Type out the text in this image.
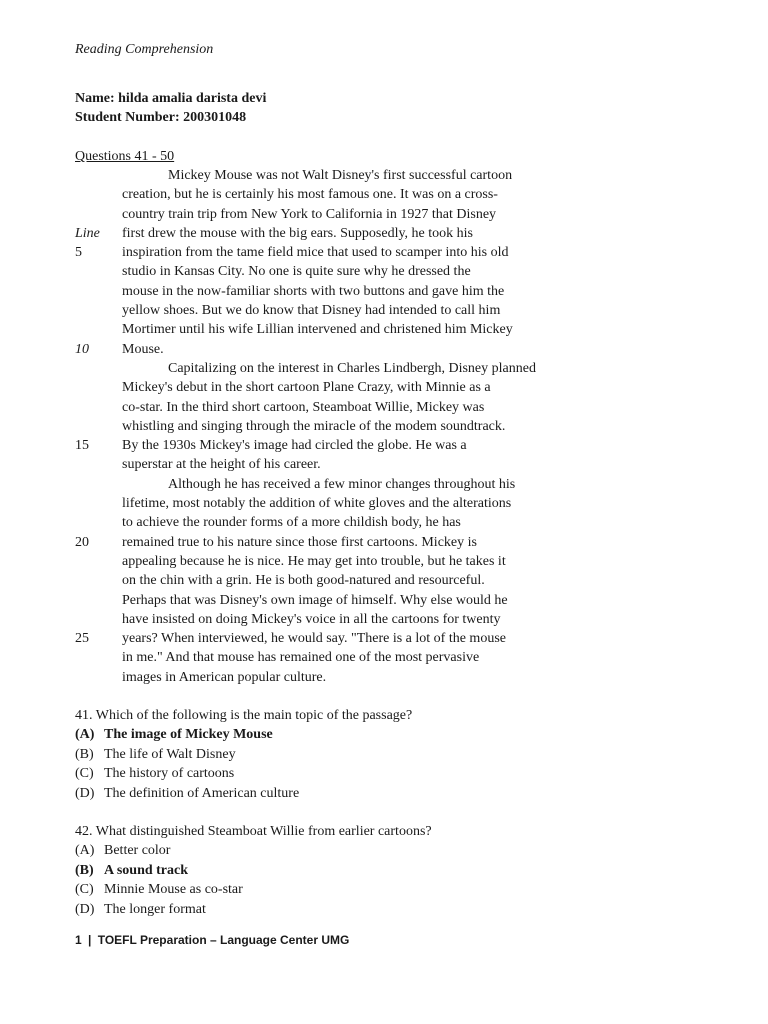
Reading Comprehension
Name: hilda amalia darista devi
Student Number: 200301048
Questions 41 - 50
Mickey Mouse was not Walt Disney's first successful cartoon
creation, but he is certainly his most famous one. It was on a cross-
country train trip from New York to California in 1927 that Disney
Line first drew the mouse with the big ears. Supposedly, he took his
5	inspiration from the tame field mice that used to scamper into his old
studio in Kansas City. No one is quite sure why he dressed the
mouse in the now-familiar shorts with two buttons and gave him the
yellow shoes. But we do know that Disney had intended to call him
Mortimer until his wife Lillian intervened and christened him Mickey
10 Mouse.
Capitalizing on the interest in Charles Lindbergh, Disney planned
Mickey's debut in the short cartoon Plane Crazy, with Minnie as a
co-star. In the third short cartoon, Steamboat Willie, Mickey was
whistling and singing through the miracle of the modem soundtrack.
15 By the 1930s Mickey's image had circled the globe. He was a
superstar at the height of his career.
Although he has received a few minor changes throughout his
lifetime, most notably the addition of white gloves and the alterations
to achieve the rounder forms of a more childish body, he has
20 remained true to his nature since those first cartoons. Mickey is
appealing because he is nice. He may get into trouble, but he takes it
on the chin with a grin. He is both good-natured and resourceful.
Perhaps that was Disney's own image of himself. Why else would he
have insisted on doing Mickey's voice in all the cartoons for twenty
25 years? When interviewed, he would say. "There is a lot of the mouse
in me." And that mouse has remained one of the most pervasive
images in American popular culture.
41. Which of the following is the main topic of the passage?
(A) The image of Mickey Mouse
(B) The life of Walt Disney
(C) The history of cartoons
(D) The definition of American culture
42. What distinguished Steamboat Willie from earlier cartoons?
(A) Better color
(B) A sound track
(C) Minnie Mouse as co-star
(D) The longer format
1 | TOEFL Preparation – Language Center UMG
